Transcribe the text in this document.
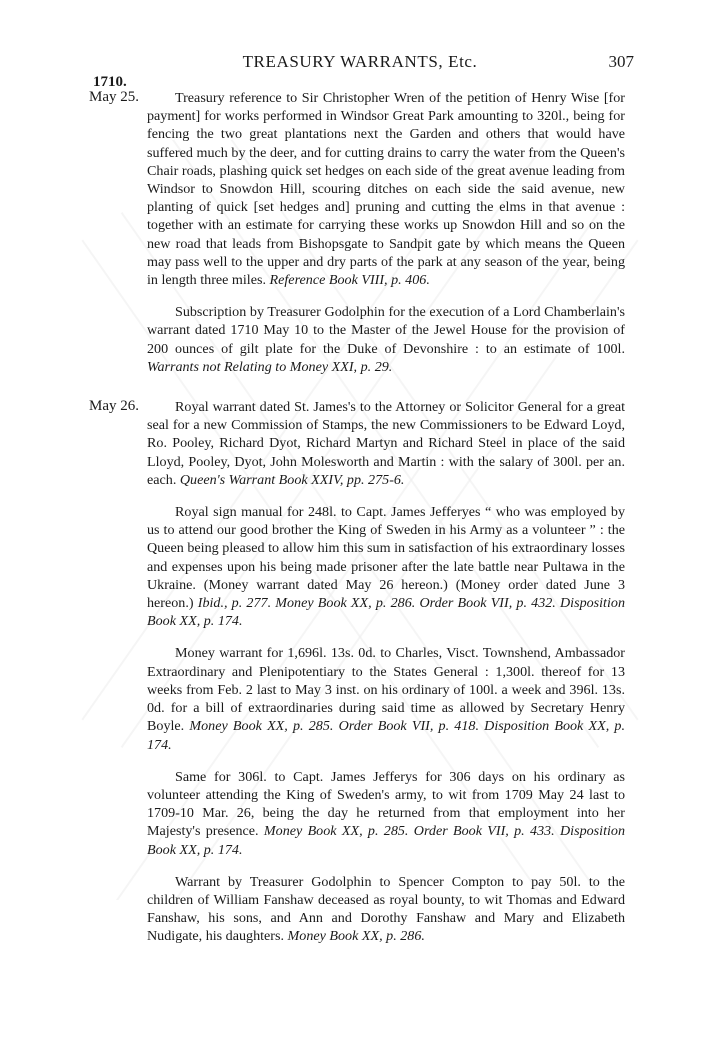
TREASURY WARRANTS, Etc.	307
1710.
May 25.	Treasury reference to Sir Christopher Wren of the petition of Henry Wise [for payment] for works performed in Windsor Great Park amounting to 320l., being for fencing the two great plantations next the Garden and others that would have suffered much by the deer, and for cutting drains to carry the water from the Queen's Chair roads, plashing quick set hedges on each side of the great avenue leading from Windsor to Snowdon Hill, scouring ditches on each side the said avenue, new planting of quick [set hedges and] pruning and cutting the elms in that avenue : together with an estimate for carrying these works up Snowdon Hill and so on the new road that leads from Bishopsgate to Sandpit gate by which means the Queen may pass well to the upper and dry parts of the park at any season of the year, being in length three miles. Reference Book VIII, p. 406.

Subscription by Treasurer Godolphin for the execution of a Lord Chamberlain's warrant dated 1710 May 10 to the Master of the Jewel House for the provision of 200 ounces of gilt plate for the Duke of Devonshire : to an estimate of 100l. Warrants not Relating to Money XXI, p. 29.

May 26.	Royal warrant dated St. James's to the Attorney or Solicitor General for a great seal for a new Commission of Stamps, the new Commissioners to be Edward Loyd, Ro. Pooley, Richard Dyot, Richard Martyn and Richard Steel in place of the said Lloyd, Pooley, Dyot, John Molesworth and Martin : with the salary of 300l. per an. each. Queen's Warrant Book XXIV, pp. 275-6.

Royal sign manual for 248l. to Capt. James Jefferyes “ who was employed by us to attend our good brother the King of Sweden in his Army as a volunteer ” : the Queen being pleased to allow him this sum in satisfaction of his extraordinary losses and expenses upon his being made prisoner after the late battle near Pultawa in the Ukraine. (Money warrant dated May 26 hereon.) (Money order dated June 3 hereon.) Ibid., p. 277. Money Book XX, p. 286. Order Book VII, p. 432. Disposition Book XX, p. 174.

Money warrant for 1,696l. 13s. 0d. to Charles, Visct. Townshend, Ambassador Extraordinary and Plenipotentiary to the States General : 1,300l. thereof for 13 weeks from Feb. 2 last to May 3 inst. on his ordinary of 100l. a week and 396l. 13s. 0d. for a bill of extraordinaries during said time as allowed by Secretary Henry Boyle. Money Book XX, p. 285. Order Book VII, p. 418. Disposition Book XX, p. 174.

Same for 306l. to Capt. James Jefferys for 306 days on his ordinary as volunteer attending the King of Sweden's army, to wit from 1709 May 24 last to 1709-10 Mar. 26, being the day he returned from that employment into her Majesty's presence. Money Book XX, p. 285. Order Book VII, p. 433. Disposition Book XX, p. 174.

Warrant by Treasurer Godolphin to Spencer Compton to pay 50l. to the children of William Fanshaw deceased as royal bounty, to wit Thomas and Edward Fanshaw, his sons, and Ann and Dorothy Fanshaw and Mary and Elizabeth Nudigate, his daughters. Money Book XX, p. 286.
